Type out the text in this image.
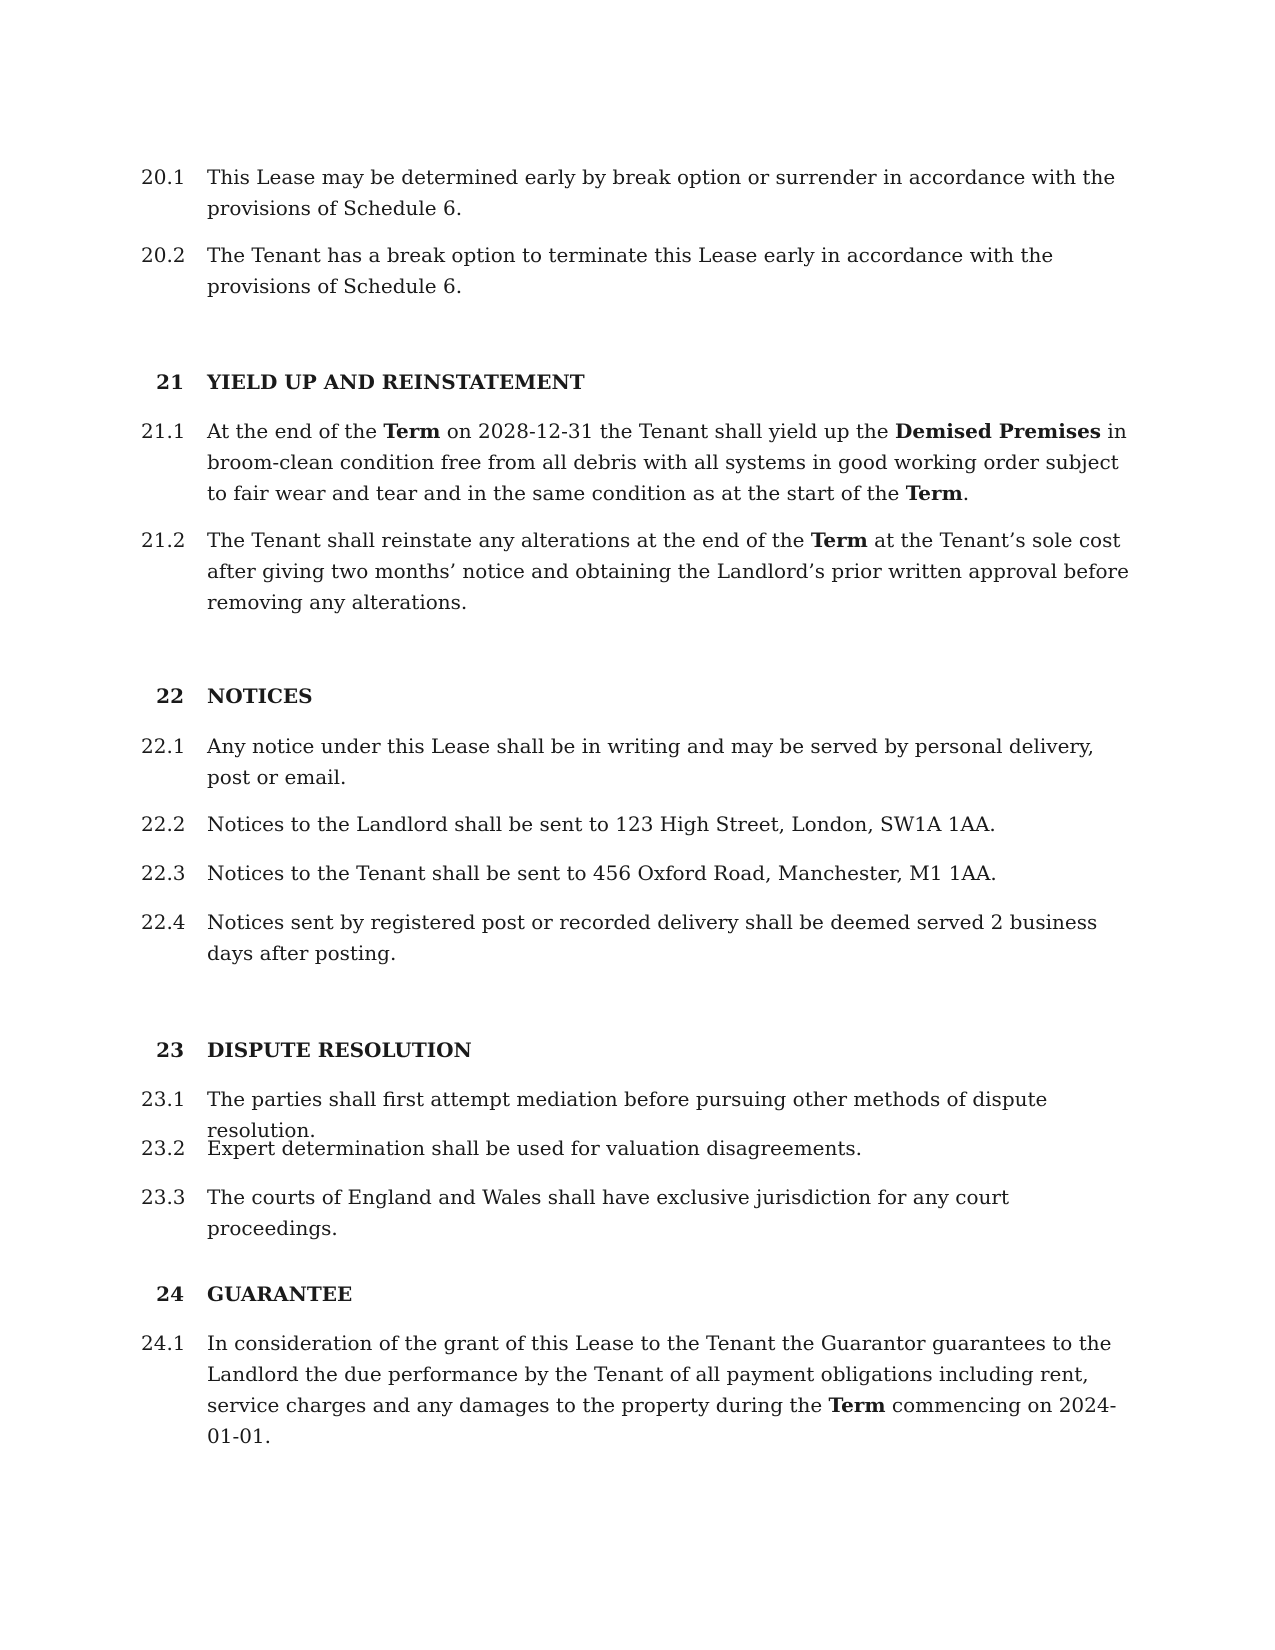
20.1 This Lease may be determined early by break option or surrender in accordance with the provisions of Schedule 6.
20.2 The Tenant has a break option to terminate this Lease early in accordance with the provisions of Schedule 6.
21 YIELD UP AND REINSTATEMENT
21.1 At the end of the Term on 2028-12-31 the Tenant shall yield up the Demised Premises in broom-clean condition free from all debris with all systems in good working order subject to fair wear and tear and in the same condition as at the start of the Term.
21.2 The Tenant shall reinstate any alterations at the end of the Term at the Tenant’s sole cost after giving two months’ notice and obtaining the Landlord’s prior written approval before removing any alterations.
22 NOTICES
22.1 Any notice under this Lease shall be in writing and may be served by personal delivery, post or email.
22.2 Notices to the Landlord shall be sent to 123 High Street, London, SW1A 1AA.
22.3 Notices to the Tenant shall be sent to 456 Oxford Road, Manchester, M1 1AA.
22.4 Notices sent by registered post or recorded delivery shall be deemed served 2 business days after posting.
23 DISPUTE RESOLUTION
23.1 The parties shall first attempt mediation before pursuing other methods of dispute resolution.
23.2 Expert determination shall be used for valuation disagreements.
23.3 The courts of England and Wales shall have exclusive jurisdiction for any court proceedings.
24 GUARANTEE
24.1 In consideration of the grant of this Lease to the Tenant the Guarantor guarantees to the Landlord the due performance by the Tenant of all payment obligations including rent, service charges and any damages to the property during the Term commencing on 2024-01-01.
